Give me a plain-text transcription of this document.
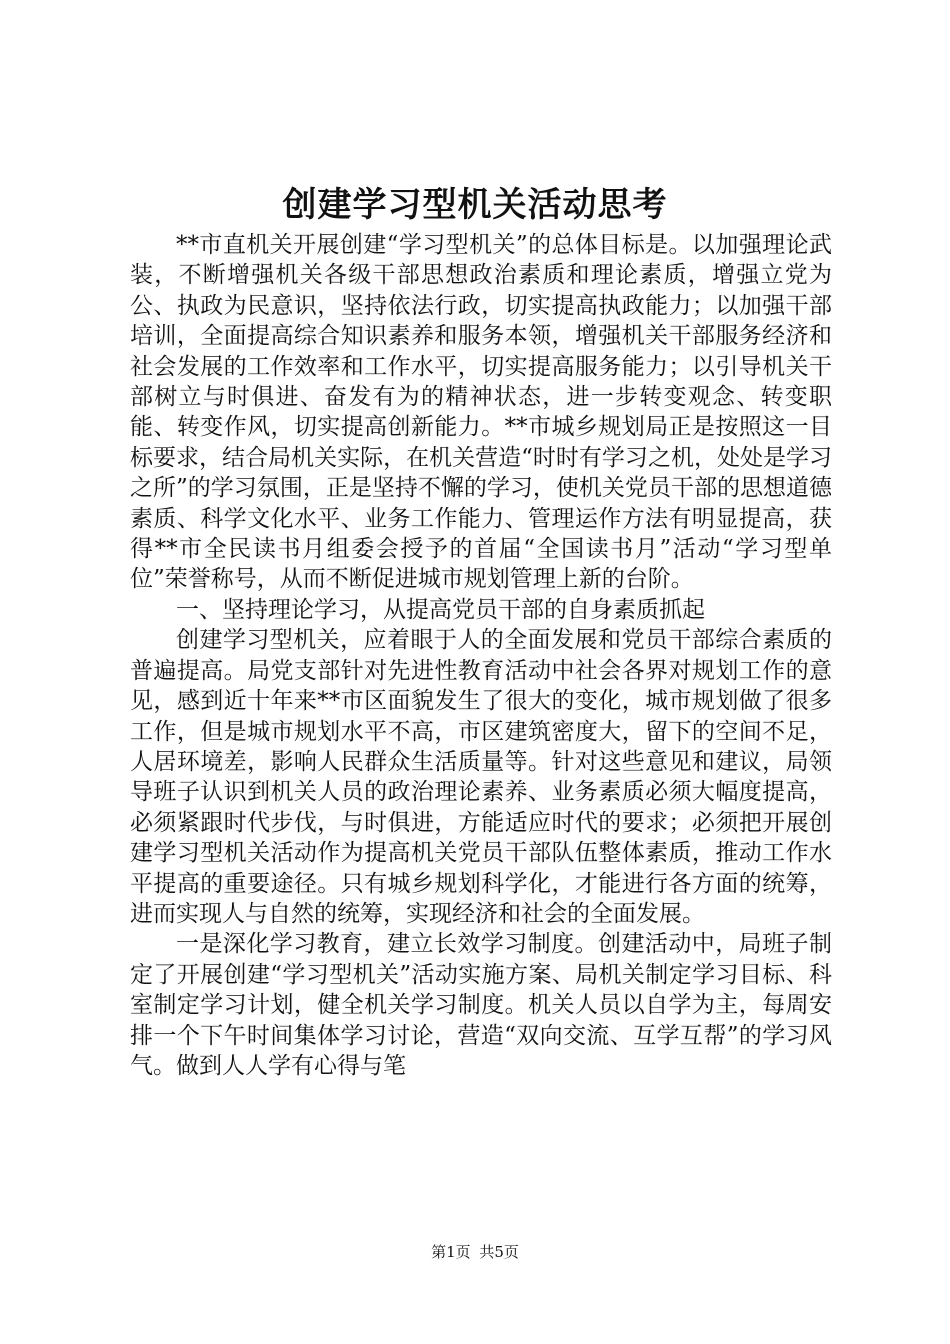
创建学习型机关活动思考

**市直机关开展创建“学习型机关”的总体目标是。以加强理论武装，不断增强机关各级干部思想政治素质和理论素质，增强立党为公、执政为民意识，坚持依法行政，切实提高执政能力；以加强干部培训，全面提高综合知识素养和服务本领，增强机关干部服务经济和社会发展的工作效率和工作水平，切实提高服务能力；以引导机关干部树立与时俱进、奋发有为的精神状态，进一步转变观念、转变职能、转变作风，切实提高创新能力。**市城乡规划局正是按照这一目标要求，结合局机关实际，在机关营造“时时有学习之机，处处是学习之所”的学习氛围，正是坚持不懈的学习，使机关党员干部的思想道德素质、科学文化水平、业务工作能力、管理运作方法有明显提高，获得**市全民读书月组委会授予的首届“全国读书月”活动“学习型单位”荣誉称号，从而不断促进城市规划管理上新的台阶。

一、坚持理论学习，从提高党员干部的自身素质抓起

创建学习型机关，应着眼于人的全面发展和党员干部综合素质的普遍提高。局党支部针对先进性教育活动中社会各界对规划工作的意见，感到近十年来**市区面貌发生了很大的变化，城市规划做了很多工作，但是城市规划水平不高，市区建筑密度大，留下的空间不足，人居环境差，影响人民群众生活质量等。针对这些意见和建议，局领导班子认识到机关人员的政治理论素养、业务素质必须大幅度提高，必须紧跟时代步伐，与时俱进，方能适应时代的要求；必须把开展创建学习型机关活动作为提高机关党员干部队伍整体素质，推动工作水平提高的重要途径。只有城乡规划科学化，才能进行各方面的统筹，进而实现人与自然的统筹，实现经济和社会的全面发展。

一是深化学习教育，建立长效学习制度。创建活动中，局班子制定了开展创建“学习型机关”活动实施方案、局机关制定学习目标、科室制定学习计划，健全机关学习制度。机关人员以自学为主，每周安排一个下午时间集体学习讨论，营造“双向交流、互学互帮”的学习风气。做到人人学有心得与笔

第1页 共5页
